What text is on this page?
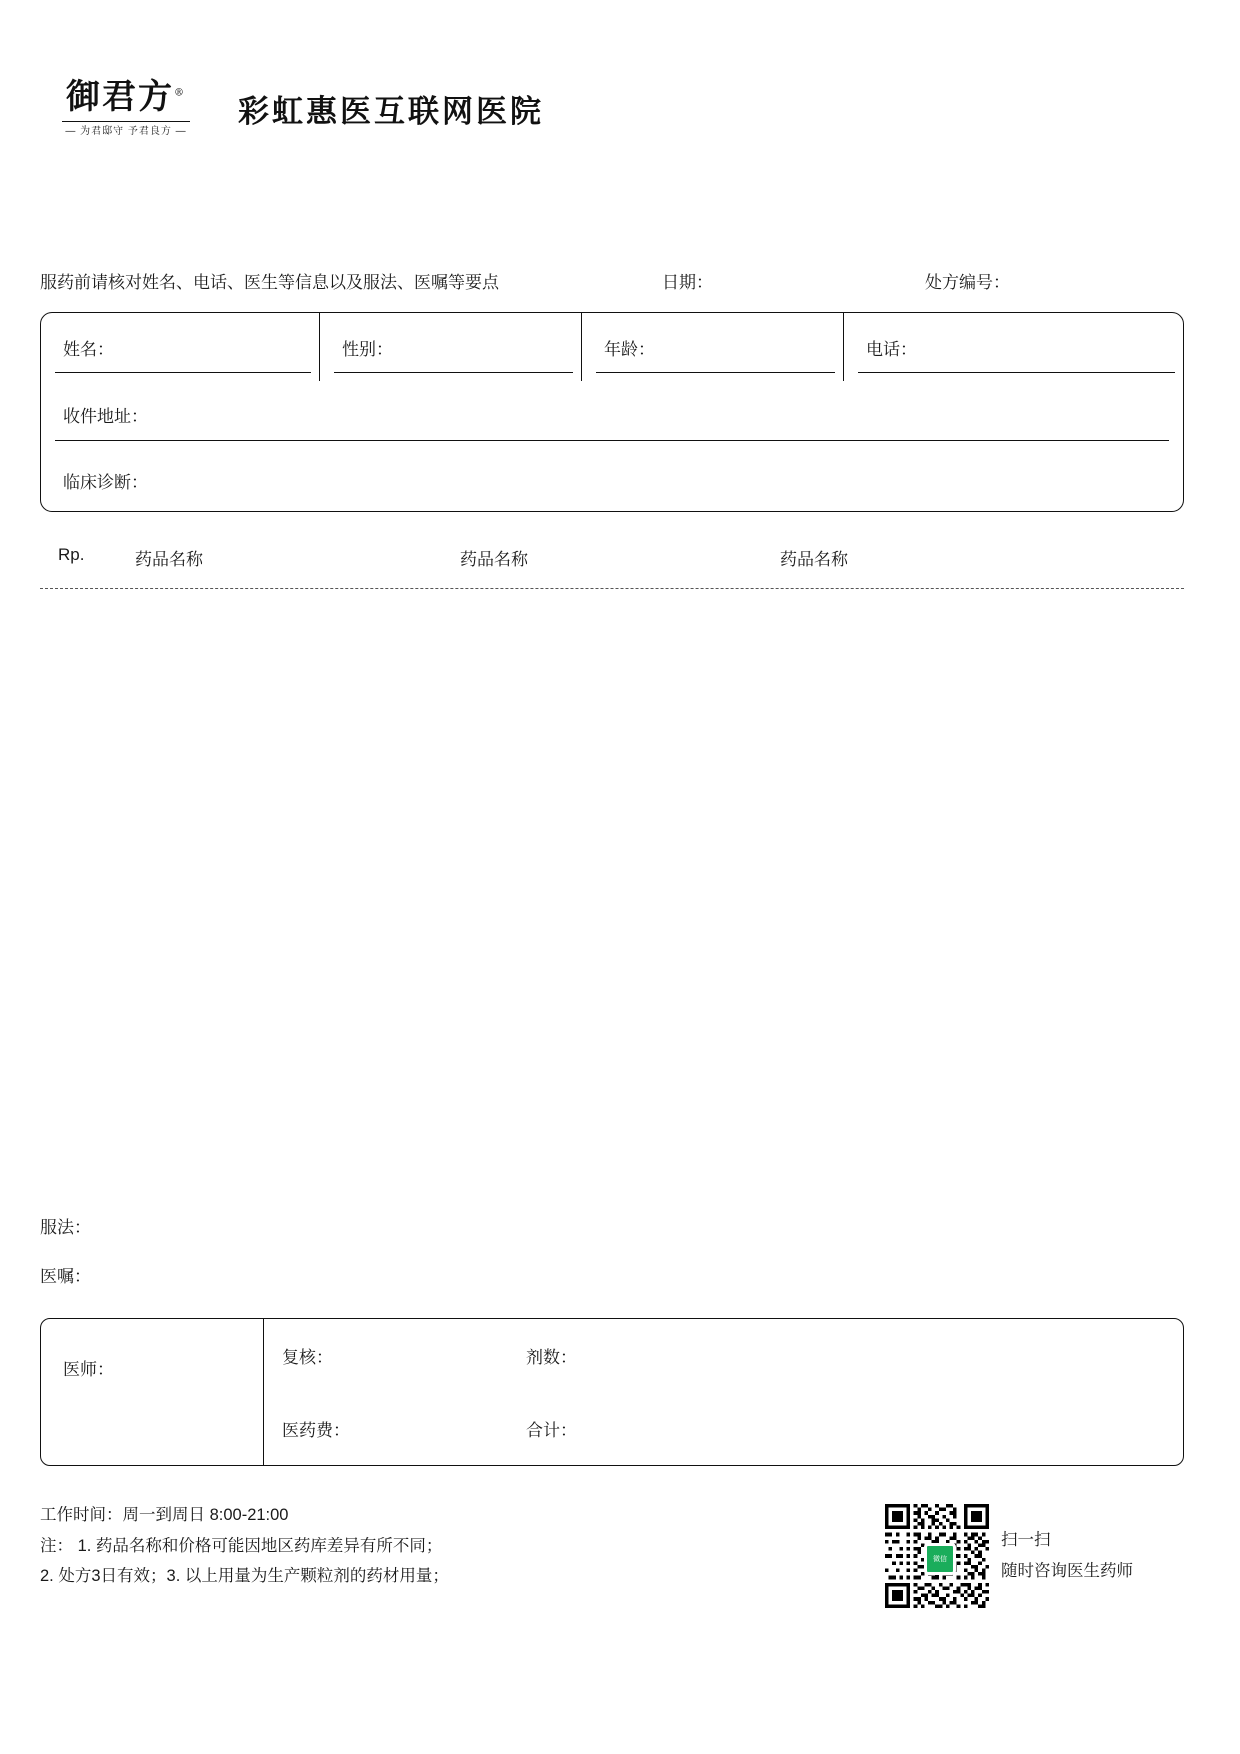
御君方®
— 为君邸守 予君良方 —
彩虹惠医互联网医院
服药前请核对姓名、电话、医生等信息以及服法、医嘱等要点	日期：	处方编号：
姓名：	性别：	年龄：	电话：
收件地址：
临床诊断：
Rp.	药品名称	药品名称	药品名称
服法：
医嘱：
医师：
复核：	剂数：
医药费：	合计：
工作时间：周一到周日 8:00-21:00
注： 1. 药品名称和价格可能因地区药库差异有所不同；
2. 处方3日有效；3. 以上用量为生产颗粒剂的药材用量；
微信
扫一扫
随时咨询医生药师
